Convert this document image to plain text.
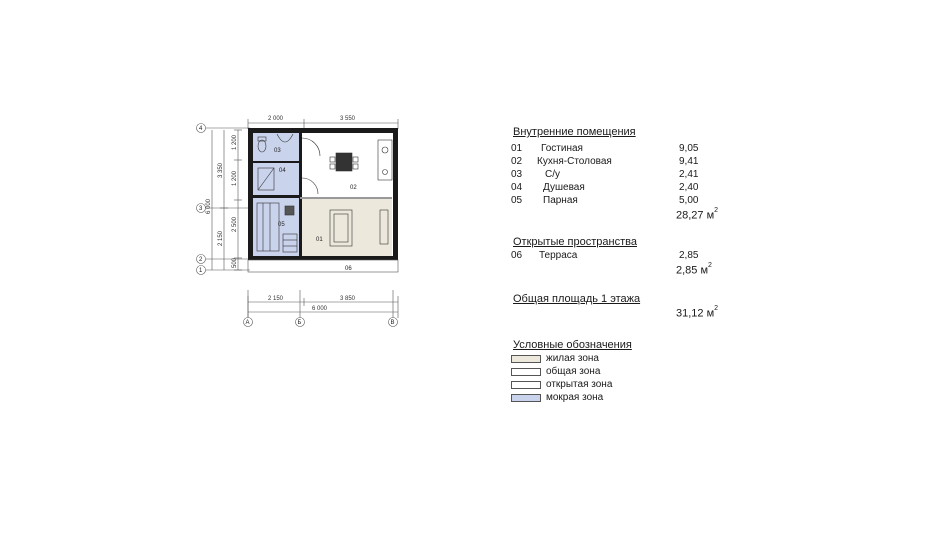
2 000	3 550
2 150	3 850
6 000
1 200
1 200
2 500
500
3 350
2 150
6 000
4
3
2
1
А	Б	В
03
04
05
01
02
06
Внутренние помещения
01 Гостиная	9,05
02 Кухня-Столовая	9,41
03 С/у	2,41
04 Душевая	2,40
05 Парная	5,00
28,27 $м^2$
Открытые пространства
06 Терраса	2,85
2,85 $м^2$
Общая площадь 1 этажа
31,12 $м^2$
Условные обозначения
жилая зона
общая зона
открытая зона
мокрая зона
